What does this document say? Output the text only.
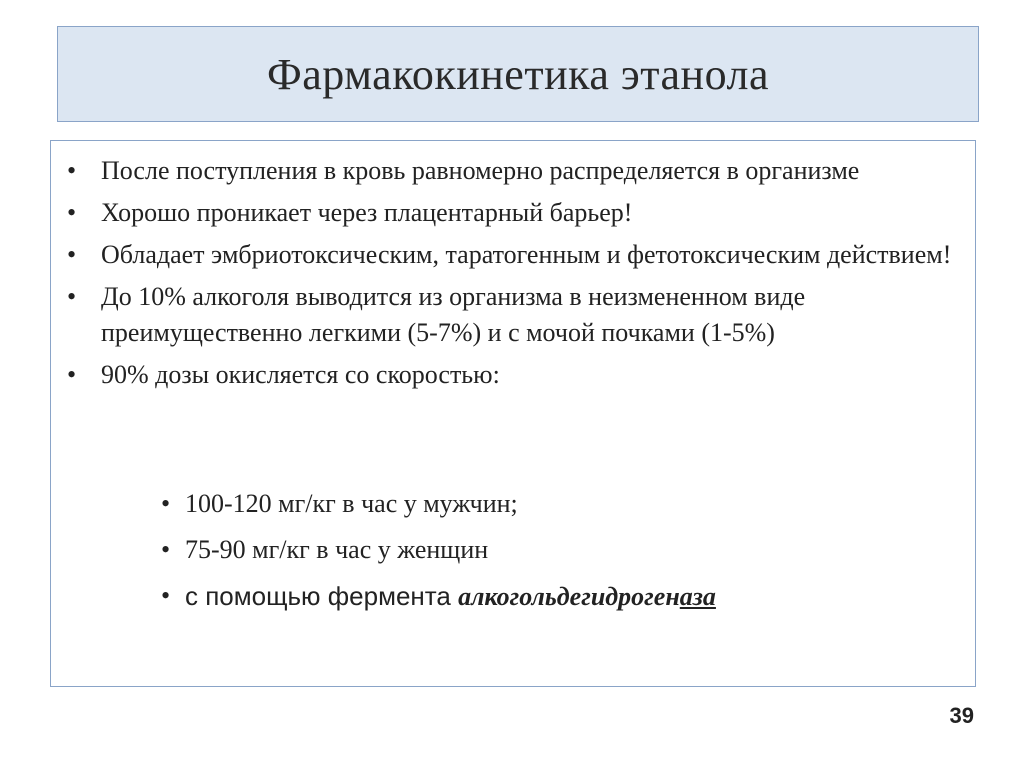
Фармакокинетика этанола
• После поступления в кровь равномерно распределяется в организме
• Хорошо проникает через плацентарный барьер!
• Обладает эмбриотоксическим, таратогенным и фетотоксическим действием!
• До 10% алкоголя выводится из организма в неизмененном виде преимущественно легкими (5-7%) и с мочой почками (1-5%)
• 90% дозы окисляется со скоростью:
• 100-120 мг/кг в час у мужчин;
• 75-90 мг/кг в час у женщин
• с помощью фермента алкогольдегидрогеназа
39
